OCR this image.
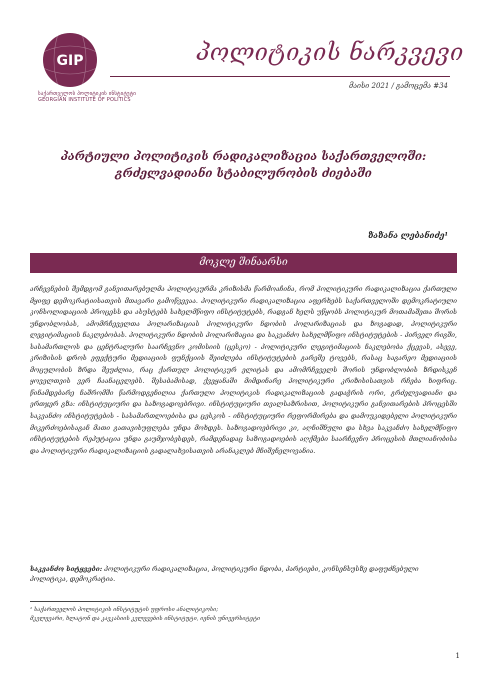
GIP
საქართველოს პოლიტიკის ინსტიტუტი
GEORGIAN INSTITUTE OF POLITICS
პოლიტიკის ნარკვევი
მაისი 2021 / გამოცემა #34
პარტიული პოლიტიკის რადიკალიზაცია საქართველოში: გრძელვადიანი სტაბილურობის ძიებაში
ზაზანა ლებანიძე¹
მოკლე შინაარსი

არჩევნების შემდგომ განვითარებულმა პოლიტიკურმა კრიზისმა წარმოაჩინა, რომ პოლიტიკური რადიკალიზაცია ქართული მყიფე დემოკრატიისათვის მთავარი გამოწვევაა. პოლიტიკური რადიკალიზაცია აფერხებს საქართველოში დემოკრატიული კონსოლიდაციის პროცესს და ასუსტებს სახელმწიფო ინსტიტუტებს, რადგან ხელს უწყობს პოლიტიკურ მოთამაშეთა შორის უნდობლობას, ამომრჩეველთა პოლარიზაციას პოლიტიკური ნდობის პოლარიზაციას და ზოგადად, პოლიტიკური ლეგიტიმაციის ნაკლებობას. პოლიტიკური ნდობის პოლარიზაცია და საკვანძო სახელმწიფო ინსტიტუტების - პირველ რიგში, სასამართლოს და ცენტრალური საარჩევნო კომისიის (ცესკო) - პოლიტიკური ლეგიტიმაციის ნაკლებობა ქცევას, ასევე, კრიზისის დროს ეფექტური მედიაციის ფუნქციის შეიძლება ინსტიტუტების გარეშე ტოვებს, რასაც საგარეო მედიაციის მოცულობის ზრდა შეუძლია, რაც ქართულ პოლიტიკურ ელიტას და ამომრჩეველს შორის უნდობლობის ზრდისკენ ყოველთვის ვერ ჩაანაცვლებს. შესაბამისად, ქვეყანაში მიმდინარე პოლიტიკური კრიზისისათვის რჩება ხიფრიც. წინამდებარე ნაშრომში წარმოდგენილია ქართული პოლიტიკის რადიკალიზაციის გადაჭრის ორი, გრძელვადიანი და ერთჯერ გზა: ინსტიტუციური და საზოგადოებრივი. ინსტიტუციური თვალსაზრისით, პოლიტიკური განვითარების პროცესში საკვანძო ინსტიტუტების - სასამართლოებისა და ცესკოს - ინსტიტუციური რეფორმირება და დამოუკიდებელი პოლიტიკური მიკერძოებისაგან მათი გათავისუფლება უნდა მოხდეს. საზოგადოებრივი კი, აღნიშნული და სხვა საკვანძო სახელმწიფო ინსტიტუტების რეპუტაცია უნდა გაუმჯობესდეს, რამდენადაც საზოგადოების აღქმები საარჩევნო პროცესის მთლიანობისა და პოლიტიკური რადიკალიზაციის გადალახვისათვის არანაკლებ მნიშვნელოვანია.

საკვანძო სიტყვები: პოლიტიკური რადიკალიზაცია, პოლიტიკური ნდობა, პარტიები, კონსენსუსზე დაფუძნებული პოლიტიკა, დემოკრატია.

¹ საქართველოს პოლიტიკის ინსტიტუტის უფროსი ანალიტიკოსი;
მკვლევარი, ხლატონ და კავკასიის კვლევების ინსტიტუტი, იენის უნივერსიტეტი
1
